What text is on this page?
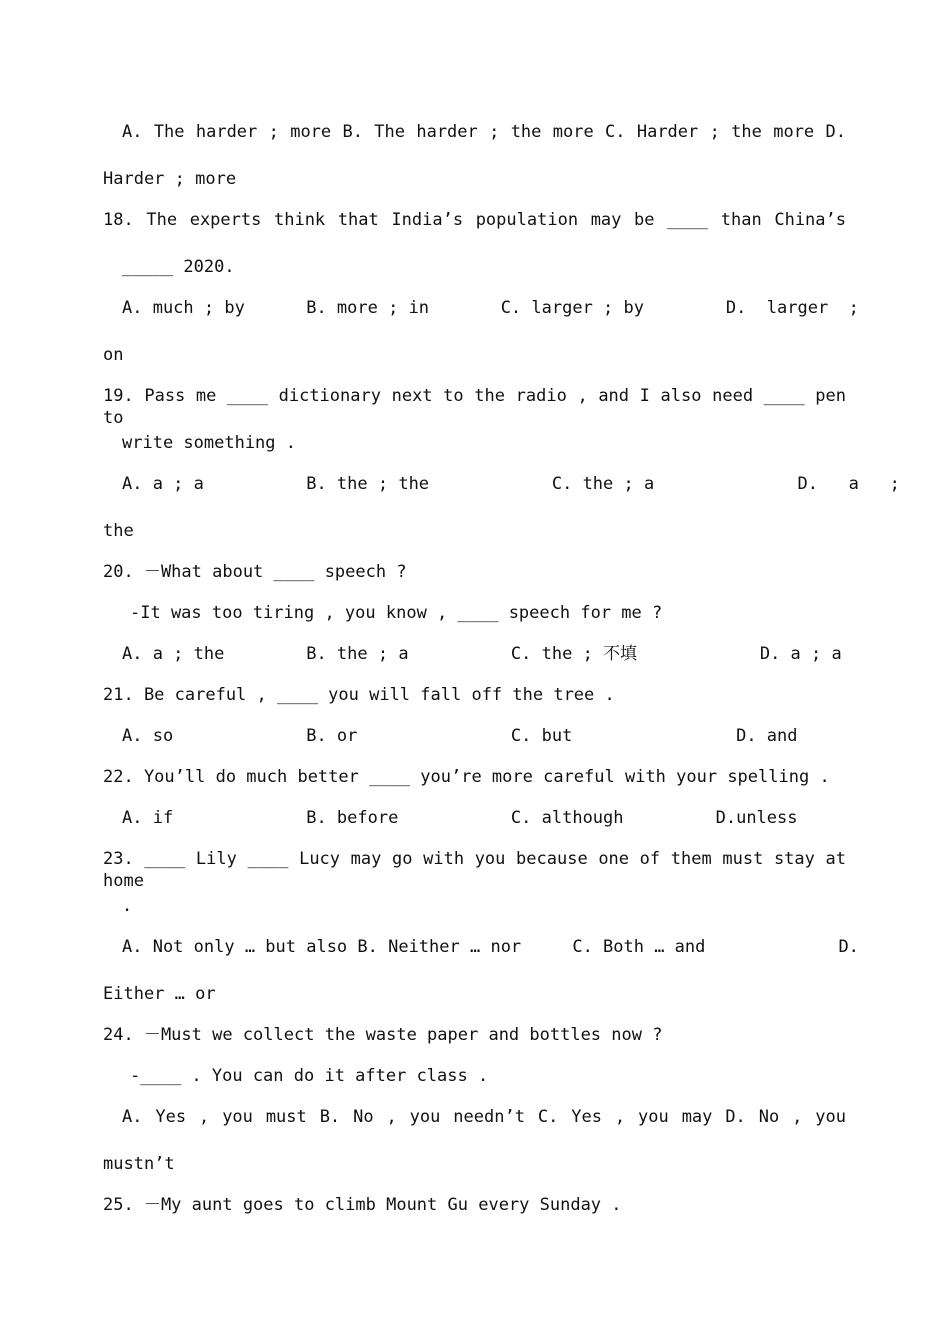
A. The harder ; more B. The harder ; the more C. Harder ; the more D.
Harder ; more
18. The experts think that India’s population may be ____ than China’s
_____ 2020.
A. much ; by      B. more ; in       C. larger ; by        D.  larger  ;
on
19. Pass me ____ dictionary next to the radio , and I also need ____ pen to
write something .
A. a ; a          B. the ; the            C. the ; a              D.   a   ;
the
20. －What about ____ speech ?
-It was too tiring , you know , ____ speech for me ?
A. a ; the        B. the ; a          C. the ; 不填            D. a ; a
21. Be careful , ____ you will fall off the tree .
A. so             B. or               C. but                D. and
22. You’ll do much better ____ you’re more careful with your spelling .
A. if             B. before           C. although         D.unless
23. ____ Lily ____ Lucy may go with you because one of them must stay at home
.
A. Not only … but also B. Neither … nor     C. Both … and             D.
Either … or
24. －Must we collect the waste paper and bottles now ?
-____ . You can do it after class .
A. Yes , you must B. No , you needn’t C. Yes , you may D. No , you
mustn’t
25. －My aunt goes to climb Mount Gu every Sunday .
